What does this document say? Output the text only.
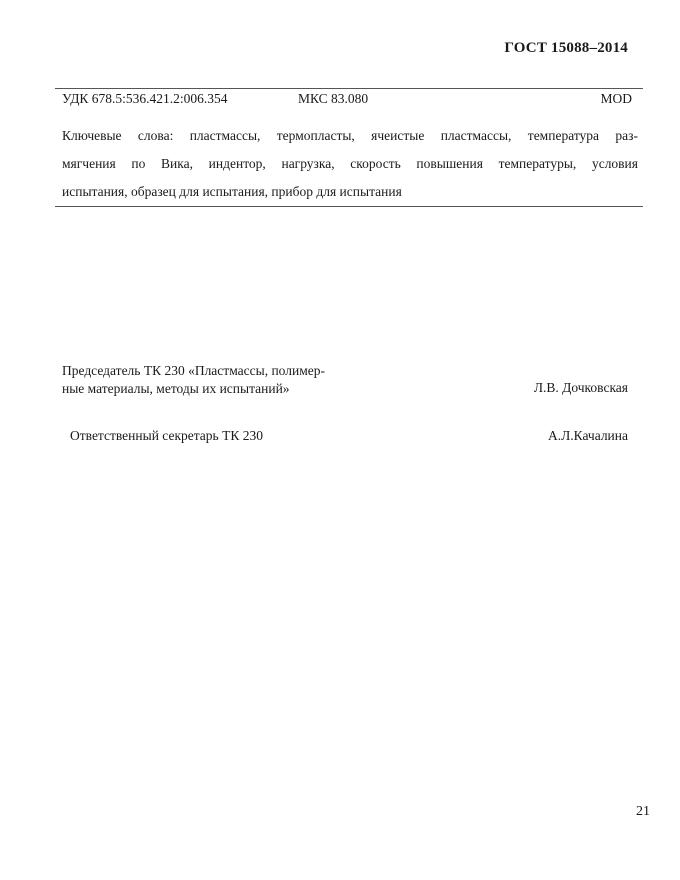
ГОСТ 15088–2014
УДК 678.5:536.421.2:006.354	МКС 83.080	MOD
Ключевые слова: пластмассы, термопласты, ячеистые пластмассы, температура раз-
мягчения по Вика, индентор, нагрузка, скорость повышения температуры, условия
испытания, образец для испытания, прибор для испытания
Председатель ТК 230 «Пластмассы, полимер-
ные материалы, методы их испытаний»	Л.В. Дочковская
Ответственный секретарь ТК 230	А.Л.Качалина
21
